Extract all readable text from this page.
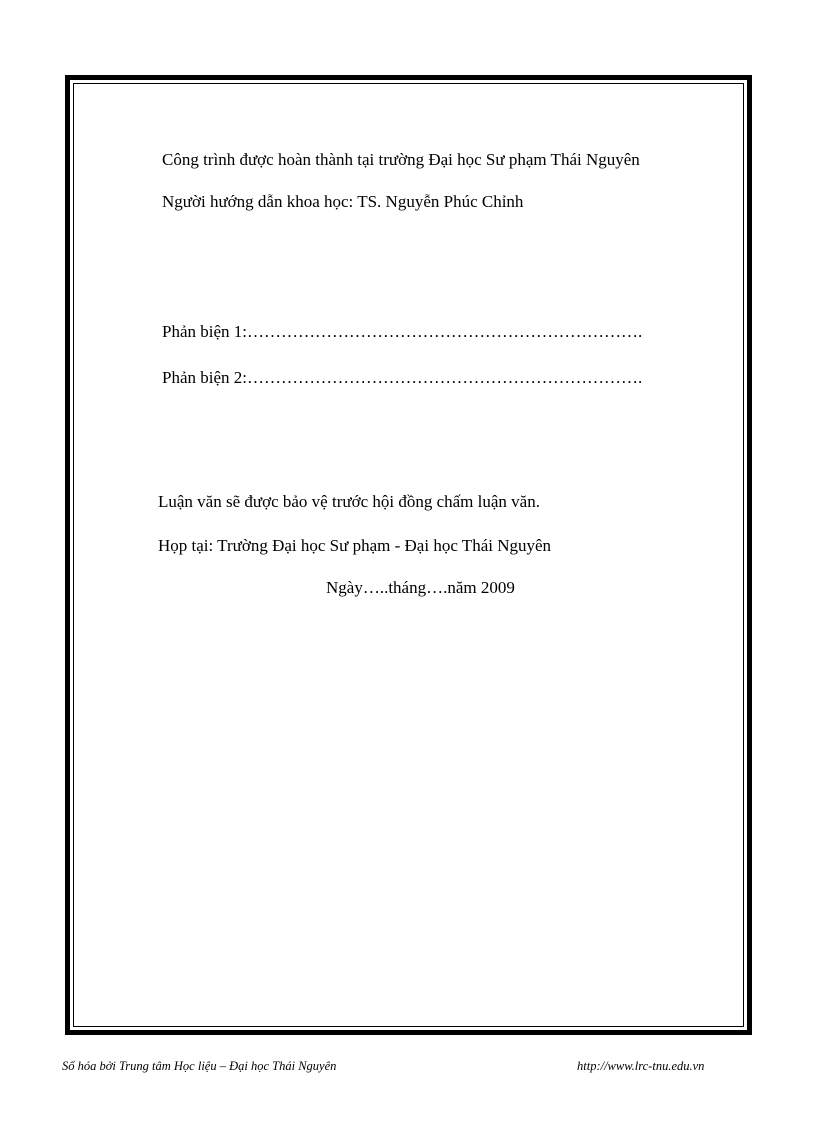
Công trình được hoàn thành tại trường Đại học Sư phạm Thái Nguyên
Người hướng dẫn khoa học: TS. Nguyễn Phúc Chỉnh
Phản biện 1:…………………………………………………………….
Phản biện 2:…………………………………………………………….
Luận văn sẽ được bảo vệ trước hội đồng chấm luận văn.
Họp tại: Trường Đại học Sư phạm - Đại học Thái Nguyên
Ngày…..tháng….năm 2009
Số hóa bởi Trung tâm Học liệu – Đại học Thái Nguyên	http://www.lrc-tnu.edu.vn
